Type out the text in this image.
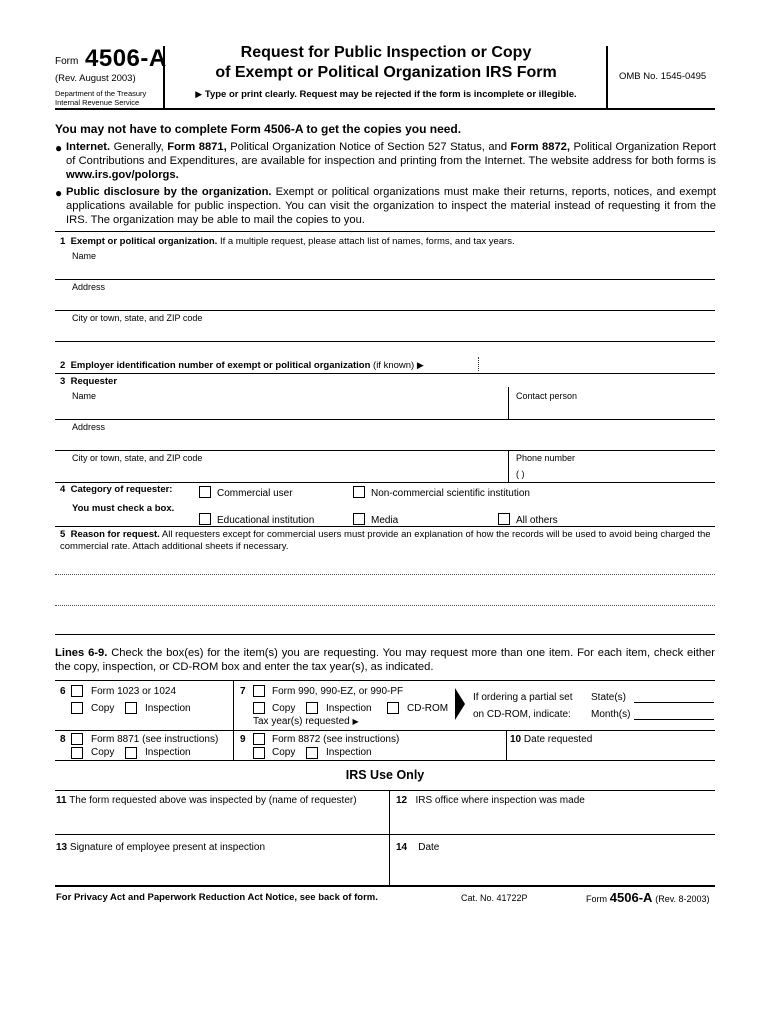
Form 4506-A
(Rev. August 2003)
Department of the Treasury
Internal Revenue Service
Request for Public Inspection or Copy
of Exempt or Political Organization IRS Form
▶ Type or print clearly. Request may be rejected if the form is incomplete or illegible.
OMB No. 1545-0495
You may not have to complete Form 4506-A to get the copies you need.
● Internet. Generally, Form 8871, Political Organization Notice of Section 527 Status, and Form 8872, Political Organization Report of Contributions and Expenditures, are available for inspection and printing from the Internet. The website address for both forms is www.irs.gov/polorgs.
● Public disclosure by the organization. Exempt or political organizations must make their returns, reports, notices, and exempt applications available for public inspection. You can visit the organization to inspect the material instead of requesting it from the IRS. The organization may be able to mail the copies to you.
1 Exempt or political organization. If a multiple request, please attach list of names, forms, and tax years.
Name
Address
City or town, state, and ZIP code
2 Employer identification number of exempt or political organization (if known) ▶
3 Requester
Name	Contact person
Address
City or town, state, and ZIP code	Phone number
( )
4 Category of requester:
You must check a box.
Commercial user	Non-commercial scientific institution
Educational institution	Media	All others
5 Reason for request. All requesters except for commercial users must provide an explanation of how the records will be used to avoid being charged the commercial rate. Attach additional sheets if necessary.
Lines 6-9. Check the box(es) for the item(s) you are requesting. You may request more than one item. For each item, check either the copy, inspection, or CD-ROM box and enter the tax year(s), as indicated.
6	Form 1023 or 1024
Copy	Inspection
7	Form 990, 990-EZ, or 990-PF
Copy	Inspection	CD-ROM
Tax year(s) requested ▶
If ordering a partial set
on CD-ROM, indicate:
State(s)
Month(s)
8	Form 8871 (see instructions)
Copy	Inspection
9	Form 8872 (see instructions)
Copy	Inspection
10 Date requested
IRS Use Only
11 The form requested above was inspected by (name of requester)	12 IRS office where inspection was made
13 Signature of employee present at inspection	14 Date
For Privacy Act and Paperwork Reduction Act Notice, see back of form.	Cat. No. 41722P	Form 4506-A (Rev. 8-2003)
